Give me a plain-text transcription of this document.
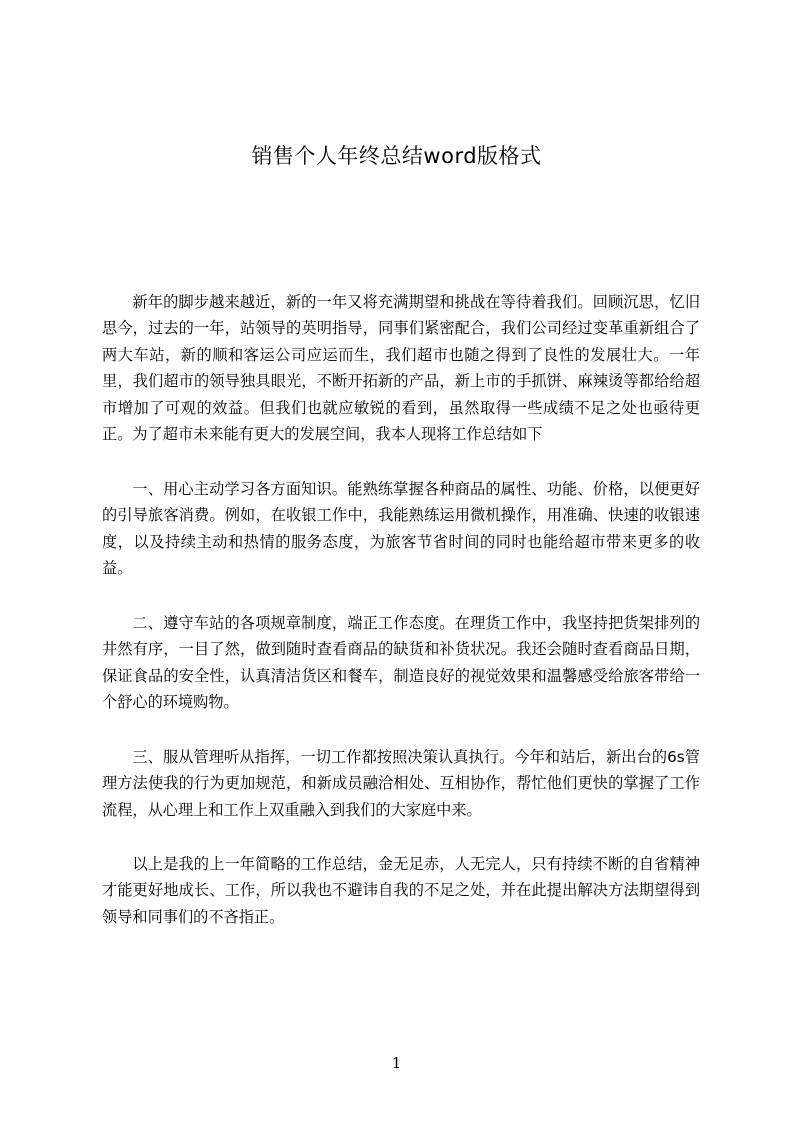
销售个人年终总结word版格式

新年的脚步越来越近，新的一年又将充满期望和挑战在等待着我们。回顾沉思，忆旧思今，过去的一年，站领导的英明指导，同事们紧密配合，我们公司经过变革重新组合了两大车站，新的顺和客运公司应运而生，我们超市也随之得到了良性的发展壮大。一年里，我们超市的领导独具眼光，不断开拓新的产品，新上市的手抓饼、麻辣烫等都给给超市增加了可观的效益。但我们也就应敏锐的看到，虽然取得一些成绩不足之处也亟待更正。为了超市未来能有更大的发展空间，我本人现将工作总结如下

一、用心主动学习各方面知识。能熟练掌握各种商品的属性、功能、价格，以便更好的引导旅客消费。例如，在收银工作中，我能熟练运用微机操作，用准确、快速的收银速度，以及持续主动和热情的服务态度，为旅客节省时间的同时也能给超市带来更多的收益。

二、遵守车站的各项规章制度，端正工作态度。在理货工作中，我坚持把货架排列的井然有序，一目了然，做到随时查看商品的缺货和补货状况。我还会随时查看商品日期，保证食品的安全性，认真清洁货区和餐车，制造良好的视觉效果和温馨感受给旅客带给一个舒心的环境购物。

三、服从管理听从指挥，一切工作都按照决策认真执行。今年和站后，新出台的6s管理方法使我的行为更加规范，和新成员融洽相处、互相协作，帮忙他们更快的掌握了工作流程，从心理上和工作上双重融入到我们的大家庭中来。

以上是我的上一年简略的工作总结，金无足赤，人无完人，只有持续不断的自省精神才能更好地成长、工作，所以我也不避讳自我的不足之处，并在此提出解决方法期望得到领导和同事们的不吝指正。

1
